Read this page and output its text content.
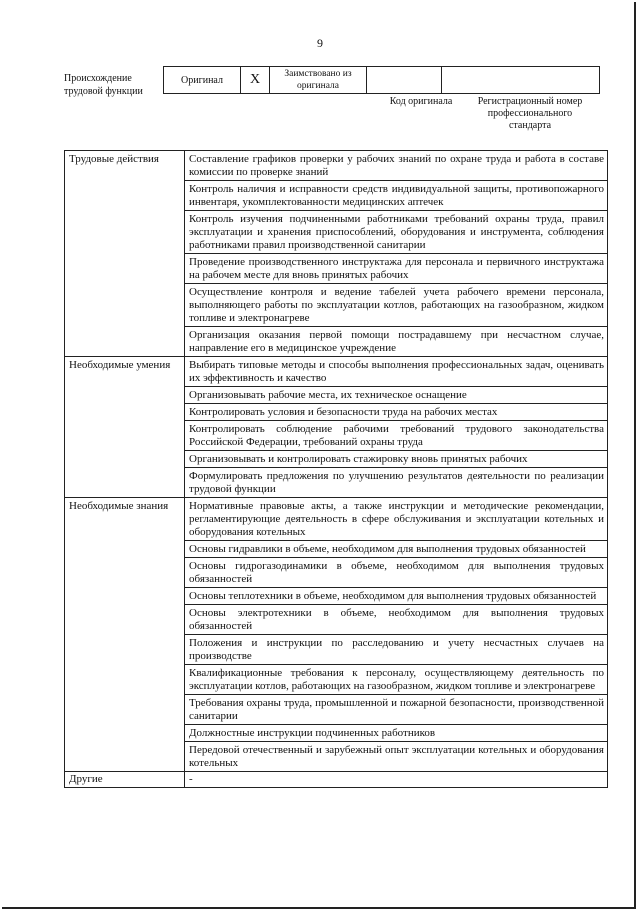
9
Происхождение трудовой функции
Оригинал	X	Заимствовано из оригинала		
Код оригинала	Регистрационный номер профессионального стандарта
Трудовые действия	Составление графиков проверки у рабочих знаний по охране труда и работа в составе комиссии по проверке знаний
	Контроль наличия и исправности средств индивидуальной защиты, противопожарного инвентаря, укомплектованности медицинских аптечек
	Контроль изучения подчиненными работниками требований охраны труда, правил эксплуатации и хранения приспособлений, оборудования и инструмента, соблюдения работниками правил производственной санитарии
	Проведение производственного инструктажа для персонала и первичного инструктажа на рабочем месте для вновь принятых рабочих
	Осуществление контроля и ведение табелей учета рабочего времени персонала, выполняющего работы по эксплуатации котлов, работающих на газообразном, жидком топливе и электронагреве
	Организация оказания первой помощи пострадавшему при несчастном случае, направление его в медицинское учреждение

Необходимые умения	Выбирать типовые методы и способы выполнения профессиональных задач, оценивать их эффективность и качество
	Организовывать рабочие места, их техническое оснащение
	Контролировать условия и безопасности труда на рабочих местах
	Контролировать соблюдение рабочими требований трудового законодательства Российской Федерации, требований охраны труда
	Организовывать и контролировать стажировку вновь принятых рабочих
	Формулировать предложения по улучшению результатов деятельности по реализации трудовой функции

Необходимые знания	Нормативные правовые акты, а также инструкции и методические рекомендации, регламентирующие деятельность в сфере обслуживания и эксплуатации котельных и оборудования котельных
	Основы гидравлики в объеме, необходимом для выполнения трудовых обязанностей
	Основы гидрогазодинамики в объеме, необходимом для выполнения трудовых обязанностей
	Основы теплотехники в объеме, необходимом для выполнения трудовых обязанностей
	Основы электротехники в объеме, необходимом для выполнения трудовых обязанностей
	Положения и инструкции по расследованию и учету несчастных случаев на производстве
	Квалификационные требования к персоналу, осуществляющему деятельность по эксплуатации котлов, работающих на газообразном, жидком топливе и электронагреве
	Требования охраны труда, промышленной и пожарной безопасности, производственной санитарии
	Должностные инструкции подчиненных работников
	Передовой отечественный и зарубежный опыт эксплуатации котельных и оборудования котельных
Другие	-
